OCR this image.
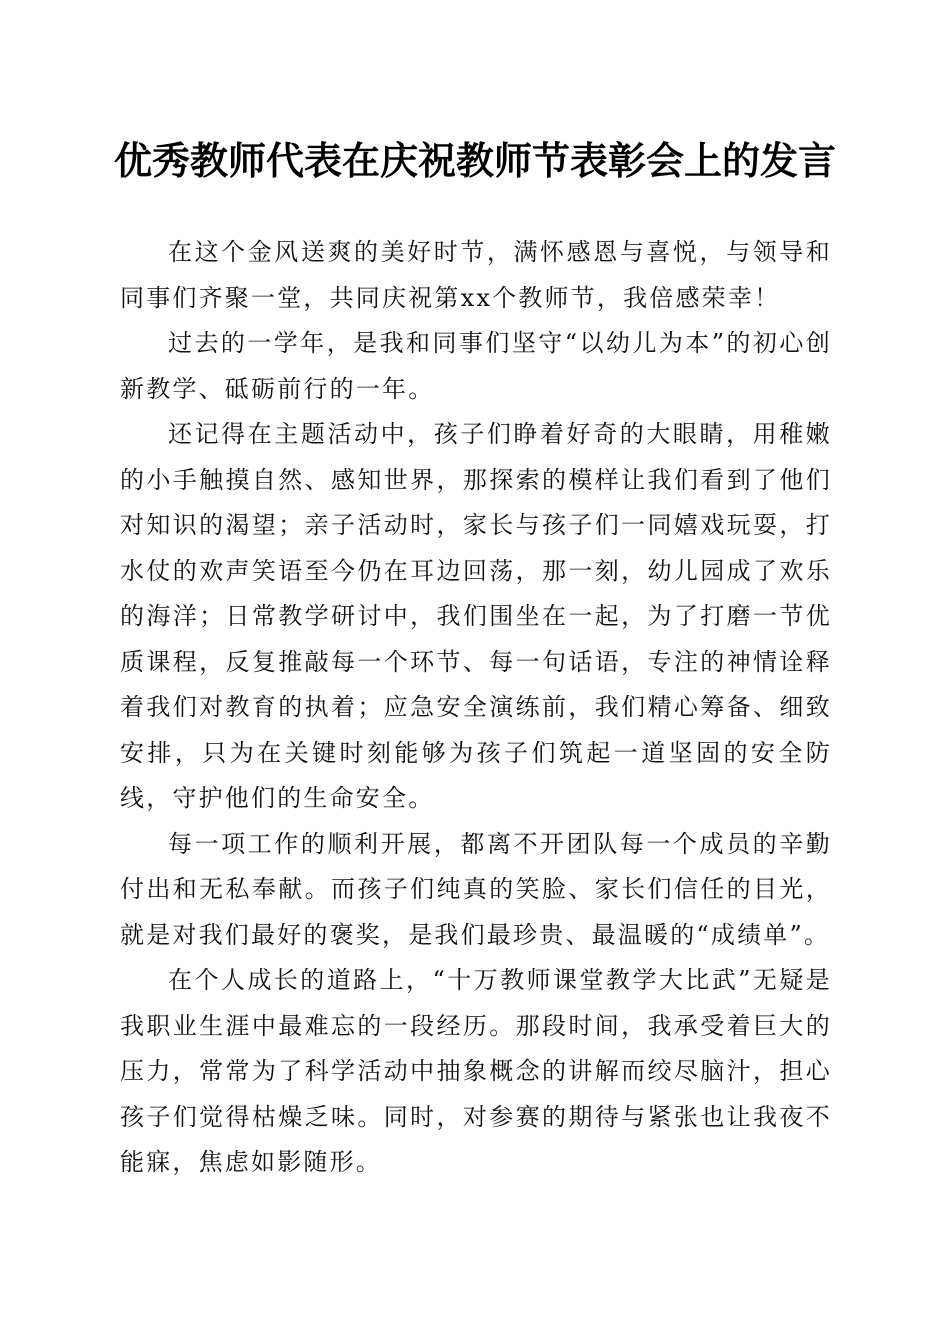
优秀教师代表在庆祝教师节表彰会上的发言

在这个金风送爽的美好时节，满怀感恩与喜悦，与领导和同事们齐聚一堂，共同庆祝第xx个教师节，我倍感荣幸！

过去的一学年，是我和同事们坚守“以幼儿为本”的初心创新教学、砥砺前行的一年。

还记得在主题活动中，孩子们睁着好奇的大眼睛，用稚嫩的小手触摸自然、感知世界，那探索的模样让我们看到了他们对知识的渴望；亲子活动时，家长与孩子们一同嬉戏玩耍，打水仗的欢声笑语至今仍在耳边回荡，那一刻，幼儿园成了欢乐的海洋；日常教学研讨中，我们围坐在一起，为了打磨一节优质课程，反复推敲每一个环节、每一句话语，专注的神情诠释着我们对教育的执着；应急安全演练前，我们精心筹备、细致安排，只为在关键时刻能够为孩子们筑起一道坚固的安全防线，守护他们的生命安全。

每一项工作的顺利开展，都离不开团队每一个成员的辛勤付出和无私奉献。而孩子们纯真的笑脸、家长们信任的目光，就是对我们最好的褒奖，是我们最珍贵、最温暖的“成绩单”。

在个人成长的道路上，“十万教师课堂教学大比武”无疑是我职业生涯中最难忘的一段经历。那段时间，我承受着巨大的压力，常常为了科学活动中抽象概念的讲解而绞尽脑汁，担心孩子们觉得枯燥乏味。同时，对参赛的期待与紧张也让我夜不能寐，焦虑如影随形。
